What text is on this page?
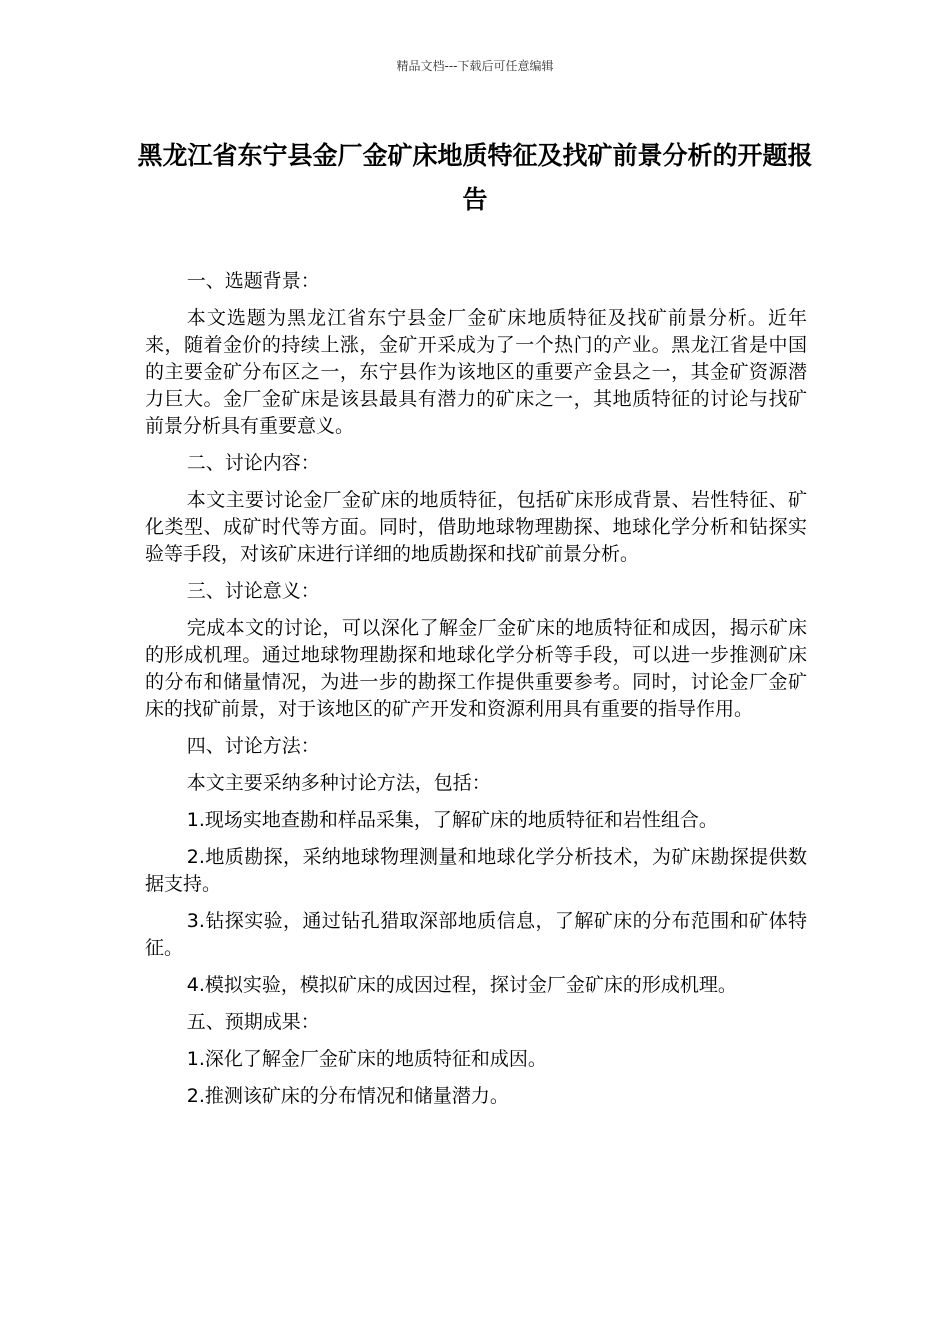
精品文档---下载后可任意编辑
黑龙江省东宁县金厂金矿床地质特征及找矿前景分析的开题报告

一、选题背景：

本文选题为黑龙江省东宁县金厂金矿床地质特征及找矿前景分析。近年来，随着金价的持续上涨，金矿开采成为了一个热门的产业。黑龙江省是中国的主要金矿分布区之一，东宁县作为该地区的重要产金县之一，其金矿资源潜力巨大。金厂金矿床是该县最具有潜力的矿床之一，其地质特征的讨论与找矿前景分析具有重要意义。

二、讨论内容：

本文主要讨论金厂金矿床的地质特征，包括矿床形成背景、岩性特征、矿化类型、成矿时代等方面。同时，借助地球物理勘探、地球化学分析和钻探实验等手段，对该矿床进行详细的地质勘探和找矿前景分析。

三、讨论意义：

完成本文的讨论，可以深化了解金厂金矿床的地质特征和成因，揭示矿床的形成机理。通过地球物理勘探和地球化学分析等手段，可以进一步推测矿床的分布和储量情况，为进一步的勘探工作提供重要参考。同时，讨论金厂金矿床的找矿前景，对于该地区的矿产开发和资源利用具有重要的指导作用。

四、讨论方法：

本文主要采纳多种讨论方法，包括：

1.现场实地查勘和样品采集，了解矿床的地质特征和岩性组合。

2.地质勘探，采纳地球物理测量和地球化学分析技术，为矿床勘探提供数据支持。

3.钻探实验，通过钻孔猎取深部地质信息，了解矿床的分布范围和矿体特征。

4.模拟实验，模拟矿床的成因过程，探讨金厂金矿床的形成机理。

五、预期成果：

1.深化了解金厂金矿床的地质特征和成因。

2.推测该矿床的分布情况和储量潜力。
